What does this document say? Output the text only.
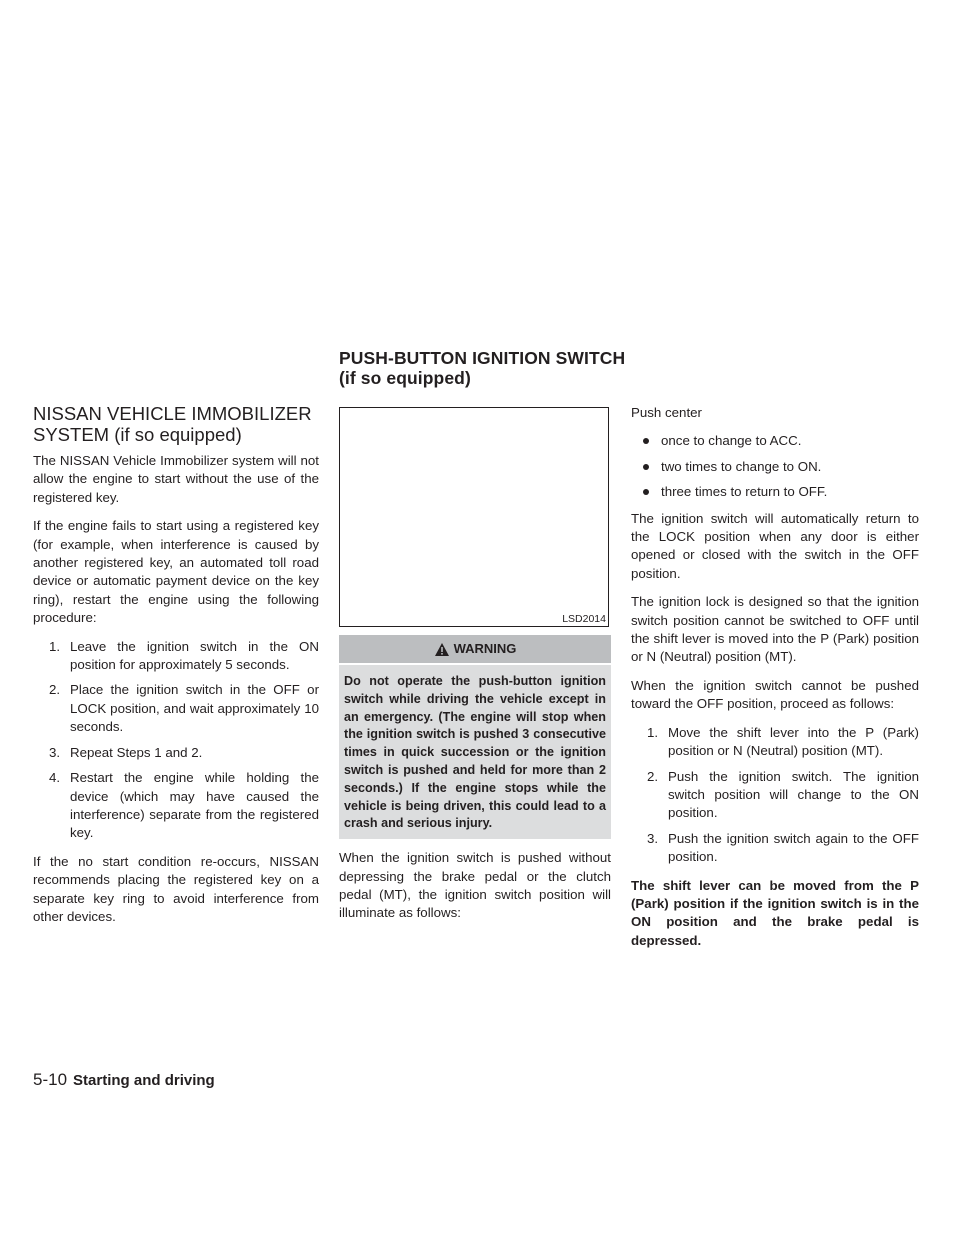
PUSH-BUTTON IGNITION SWITCH (if so equipped)
NISSAN VEHICLE IMMOBILIZER SYSTEM (if so equipped)

The NISSAN Vehicle Immobilizer system will not allow the engine to start without the use of the registered key.

If the engine fails to start using a registered key (for example, when interference is caused by another registered key, an automated toll road device or automatic payment device on the key ring), restart the engine using the following procedure:

1. Leave the ignition switch in the ON position for approximately 5 seconds.
2. Place the ignition switch in the OFF or LOCK position, and wait approximately 10 seconds.
3. Repeat Steps 1 and 2.
4. Restart the engine while holding the device (which may have caused the interference) separate from the registered key.

If the no start condition re-occurs, NISSAN recommends placing the registered key on a separate key ring to avoid interference from other devices.

LSD2014
WARNING
Do not operate the push-button ignition switch while driving the vehicle except in an emergency. (The engine will stop when the ignition switch is pushed 3 consecutive times in quick succession or the ignition switch is pushed and held for more than 2 seconds.) If the engine stops while the vehicle is being driven, this could lead to a crash and serious injury.

When the ignition switch is pushed without depressing the brake pedal or the clutch pedal (MT), the ignition switch position will illuminate as follows:

Push center

once to change to ACC.
two times to change to ON.
three times to return to OFF.

The ignition switch will automatically return to the LOCK position when any door is either opened or closed with the switch in the OFF position.

The ignition lock is designed so that the ignition switch position cannot be switched to OFF until the shift lever is moved into the P (Park) position or N (Neutral) position (MT).

When the ignition switch cannot be pushed toward the OFF position, proceed as follows:

1. Move the shift lever into the P (Park) position or N (Neutral) position (MT).
2. Push the ignition switch. The ignition switch position will change to the ON position.
3. Push the ignition switch again to the OFF position.

The shift lever can be moved from the P (Park) position if the ignition switch is in the ON position and the brake pedal is depressed.

5-10 Starting and driving
